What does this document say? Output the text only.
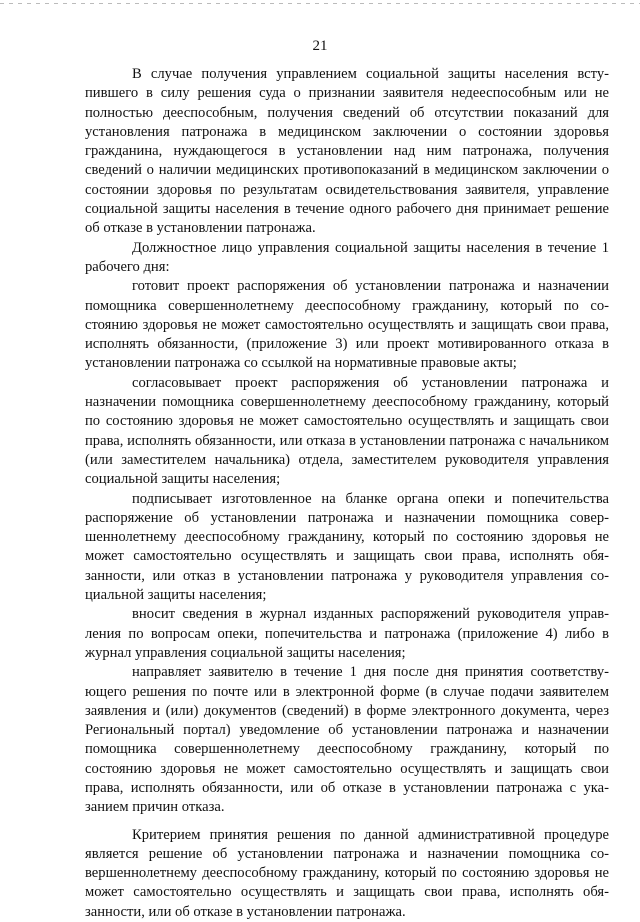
21

В случае получения управлением социальной защиты населения вступившего в силу решения суда о признании заявителя недееспособным или не полностью дееспособным, получения сведений об отсутствии показаний для установления патронажа в медицинском заключении о состоянии здоровья гражданина, нуждающегося в установлении над ним патронажа, получения сведений о наличии медицинских противопоказаний в медицинском заключении о состоянии здоровья по результатам освидетельствования заявителя, управление социальной защиты населения в течение одного рабочего дня принимает решение об отказе в установлении патронажа.

Должностное лицо управления социальной защиты населения в течение 1 рабочего дня:

готовит проект распоряжения об установлении патронажа и назначении помощника совершеннолетнему дееспособному гражданину, который по состоянию здоровья не может самостоятельно осуществлять и защищать свои права, исполнять обязанности, (приложение 3) или проект мотивированного отказа в установлении патронажа со ссылкой на нормативные правовые акты;

согласовывает проект распоряжения об установлении патронажа и назначении помощника совершеннолетнему дееспособному гражданину, который по состоянию здоровья не может самостоятельно осуществлять и защищать свои права, исполнять обязанности, или отказа в установлении патронажа с начальником (или заместителем начальника) отдела, заместителем руководителя управления социальной защиты населения;

подписывает изготовленное на бланке органа опеки и попечительства распоряжение об установлении патронажа и назначении помощника совершеннолетнему дееспособному гражданину, который по состоянию здоровья не может самостоятельно осуществлять и защищать свои права, исполнять обязанности, или отказ в установлении патронажа у руководителя управления социальной защиты населения;

вносит сведения в журнал изданных распоряжений руководителя управления по вопросам опеки, попечительства и патронажа (приложение 4) либо в журнал управления социальной защиты населения;

направляет заявителю в течение 1 дня после дня принятия соответствующего решения по почте или в электронной форме (в случае подачи заявителем заявления и (или) документов (сведений) в форме электронного документа, через Региональный портал) уведомление об установлении патронажа и назначении помощника совершеннолетнему дееспособному гражданину, который по состоянию здоровья не может самостоятельно осуществлять и защищать свои права, исполнять обязанности, или об отказе в установлении патронажа с указанием причин отказа.

Критерием принятия решения по данной административной процедуре является решение об установлении патронажа и назначении помощника совершеннолетнему дееспособному гражданину, который по состоянию здоровья не может самостоятельно осуществлять и защищать свои права, исполнять обязанности, или об отказе в установлении патронажа.
